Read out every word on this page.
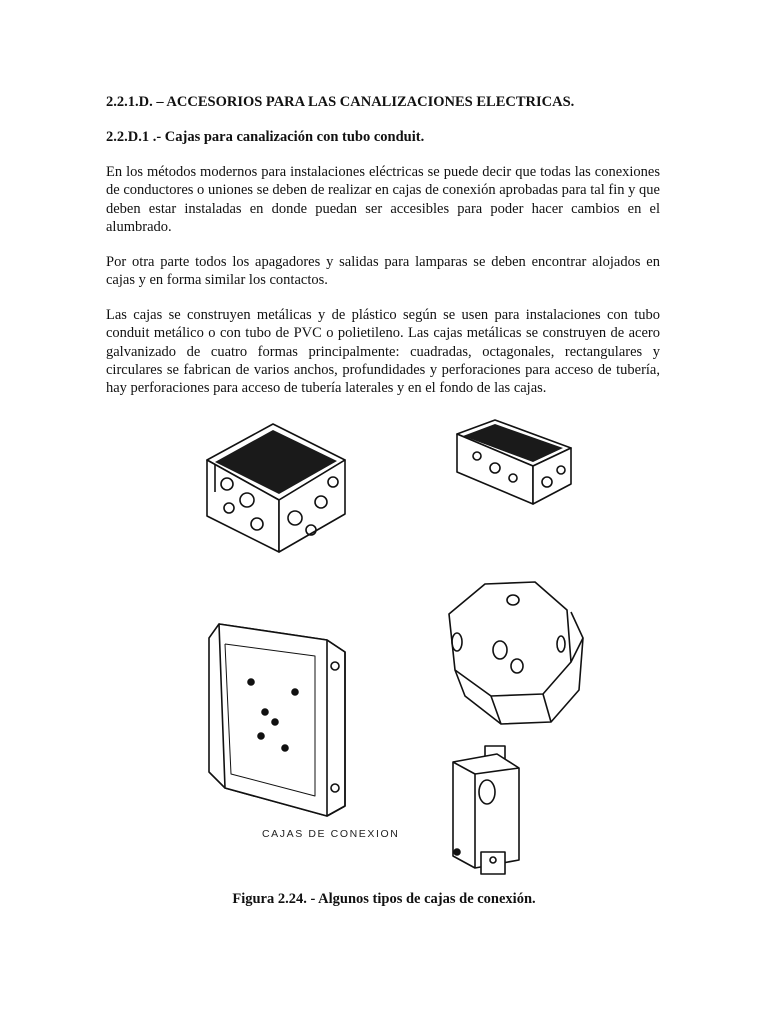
2.2.1.D. – ACCESORIOS PARA LAS CANALIZACIONES ELECTRICAS.
2.2.D.1 .- Cajas para canalización con tubo conduit.

En los métodos modernos para instalaciones eléctricas se puede decir que todas las conexiones de conductores o uniones se deben de realizar en cajas de conexión aprobadas para tal fin y que deben estar instaladas en donde puedan ser accesibles para poder hacer cambios en el alumbrado.

Por otra parte todos los apagadores y salidas para lamparas se deben encontrar alojados en cajas y en forma similar los contactos.

Las cajas se construyen metálicas y de plástico según se usen para instalaciones con tubo conduit metálico o con tubo de PVC o polietileno. Las cajas metálicas se construyen de acero galvanizado de cuatro formas principalmente: cuadradas, octagonales, rectangulares y circulares se fabrican de varios anchos, profundidades y perforaciones para acceso de tubería, hay perforaciones para acceso de tubería laterales y en el fondo de las cajas.

CAJAS DE CONEXION

Figura 2.24. - Algunos tipos de cajas de conexión.
